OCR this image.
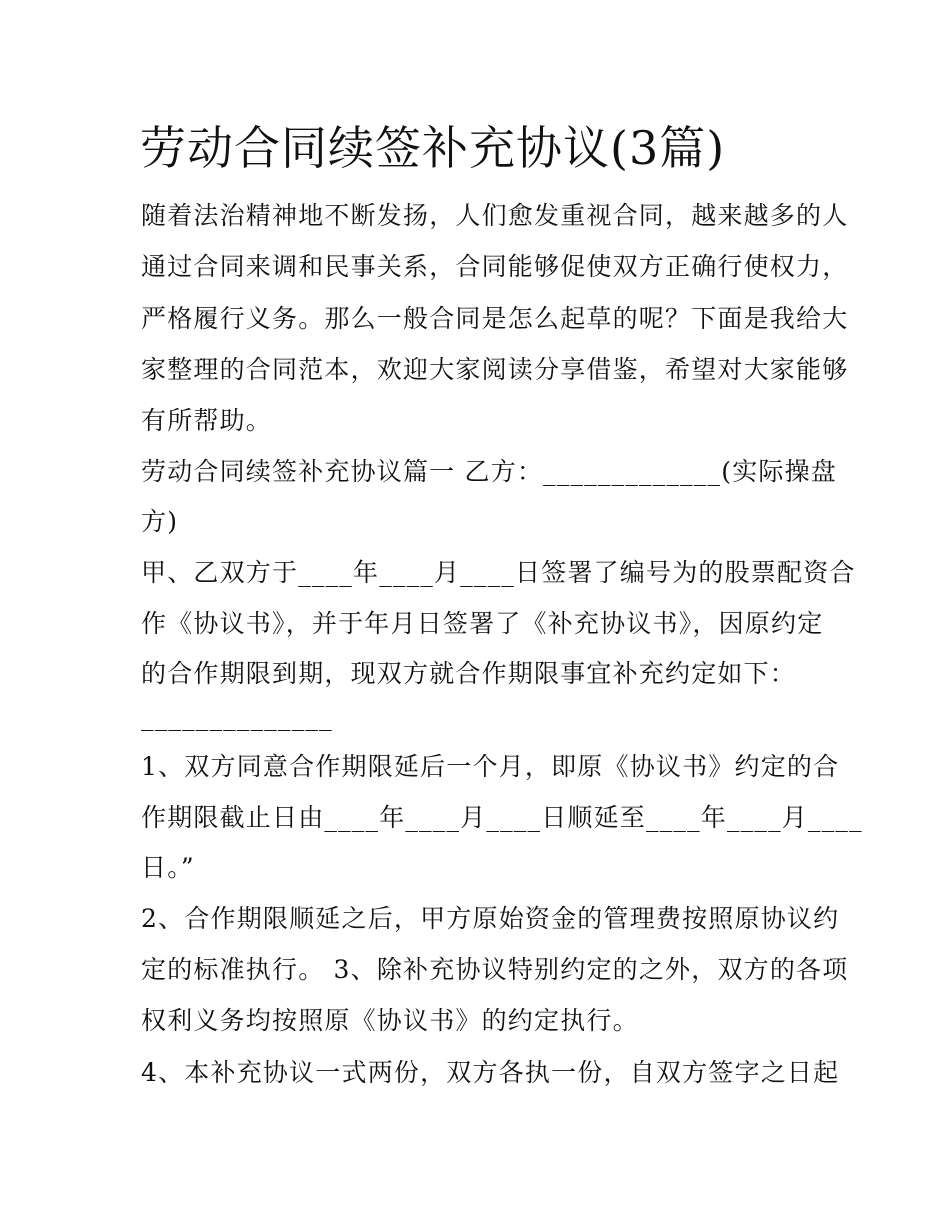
劳动合同续签补充协议(3篇)
随着法治精神地不断发扬，人们愈发重视合同，越来越多的人
通过合同来调和民事关系，合同能够促使双方正确行使权力，
严格履行义务。那么一般合同是怎么起草的呢？下面是我给大
家整理的合同范本，欢迎大家阅读分享借鉴，希望对大家能够
有所帮助。
劳动合同续签补充协议篇一 乙方：_____________(实际操盘
方)
甲、乙双方于____年____月____日签署了编号为的股票配资合
作《协议书》，并于年月日签署了《补充协议书》，因原约定
的合作期限到期，现双方就合作期限事宜补充约定如下：
______________
1、双方同意合作期限延后一个月，即原《协议书》约定的合
作期限截止日由____年____月____日顺延至____年____月____
日。”
2、合作期限顺延之后，甲方原始资金的管理费按照原协议约
定的标准执行。 3、除补充协议特别约定的之外，双方的各项
权利义务均按照原《协议书》的约定执行。
4、本补充协议一式两份，双方各执一份，自双方签字之日起
